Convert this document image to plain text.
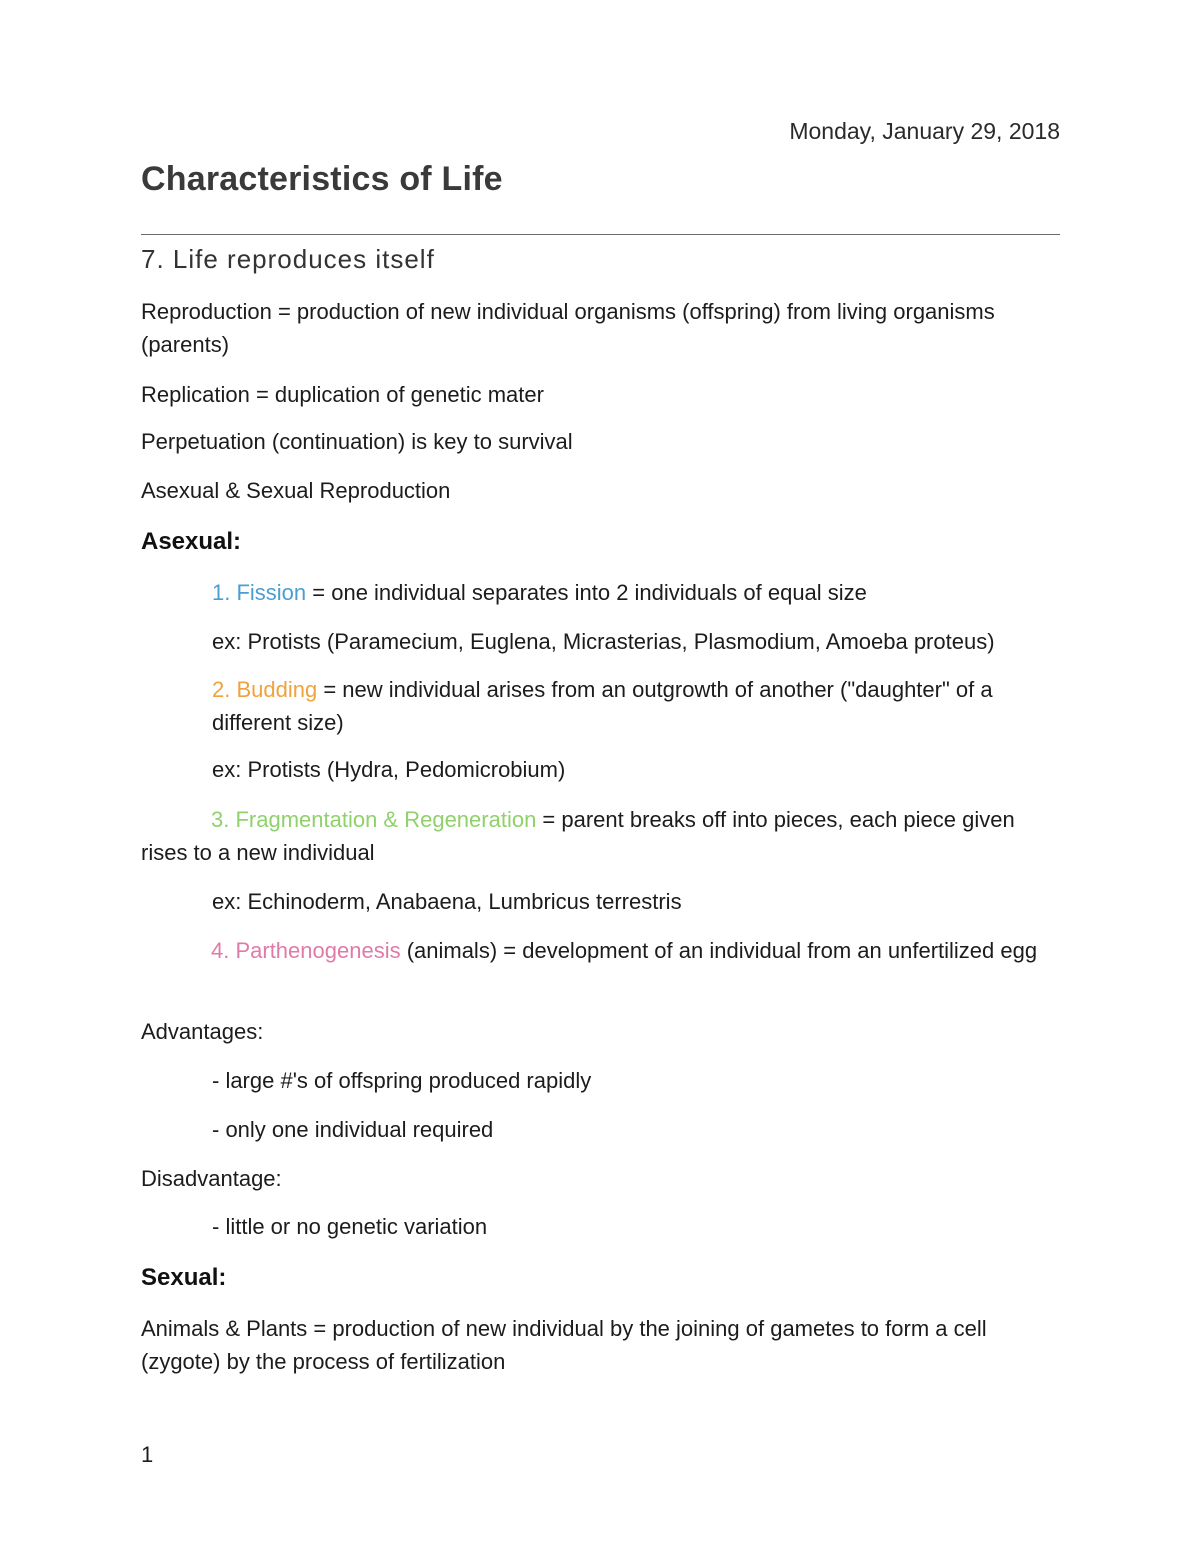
Monday, January 29, 2018
Characteristics of Life
7. Life reproduces itself
Reproduction = production of new individual organisms (offspring) from living organisms (parents)
Replication = duplication of genetic mater
Perpetuation (continuation) is key to survival
Asexual & Sexual Reproduction
Asexual:
1. Fission = one individual separates into 2 individuals of equal size
ex: Protists (Paramecium, Euglena, Micrasterias, Plasmodium, Amoeba proteus)
2. Budding = new individual arises from an outgrowth of another ("daughter" of a different size)
ex: Protists (Hydra, Pedomicrobium)
3. Fragmentation & Regeneration = parent breaks off into pieces, each piece given rises to a new individual
ex: Echinoderm, Anabaena, Lumbricus terrestris
4. Parthenogenesis (animals) = development of an individual from an unfertilized egg
Advantages:
- large #'s of offspring produced rapidly
- only one individual required
Disadvantage:
- little or no genetic variation
Sexual:
Animals & Plants = production of new individual by the joining of gametes to form a cell (zygote) by the process of fertilization
1
